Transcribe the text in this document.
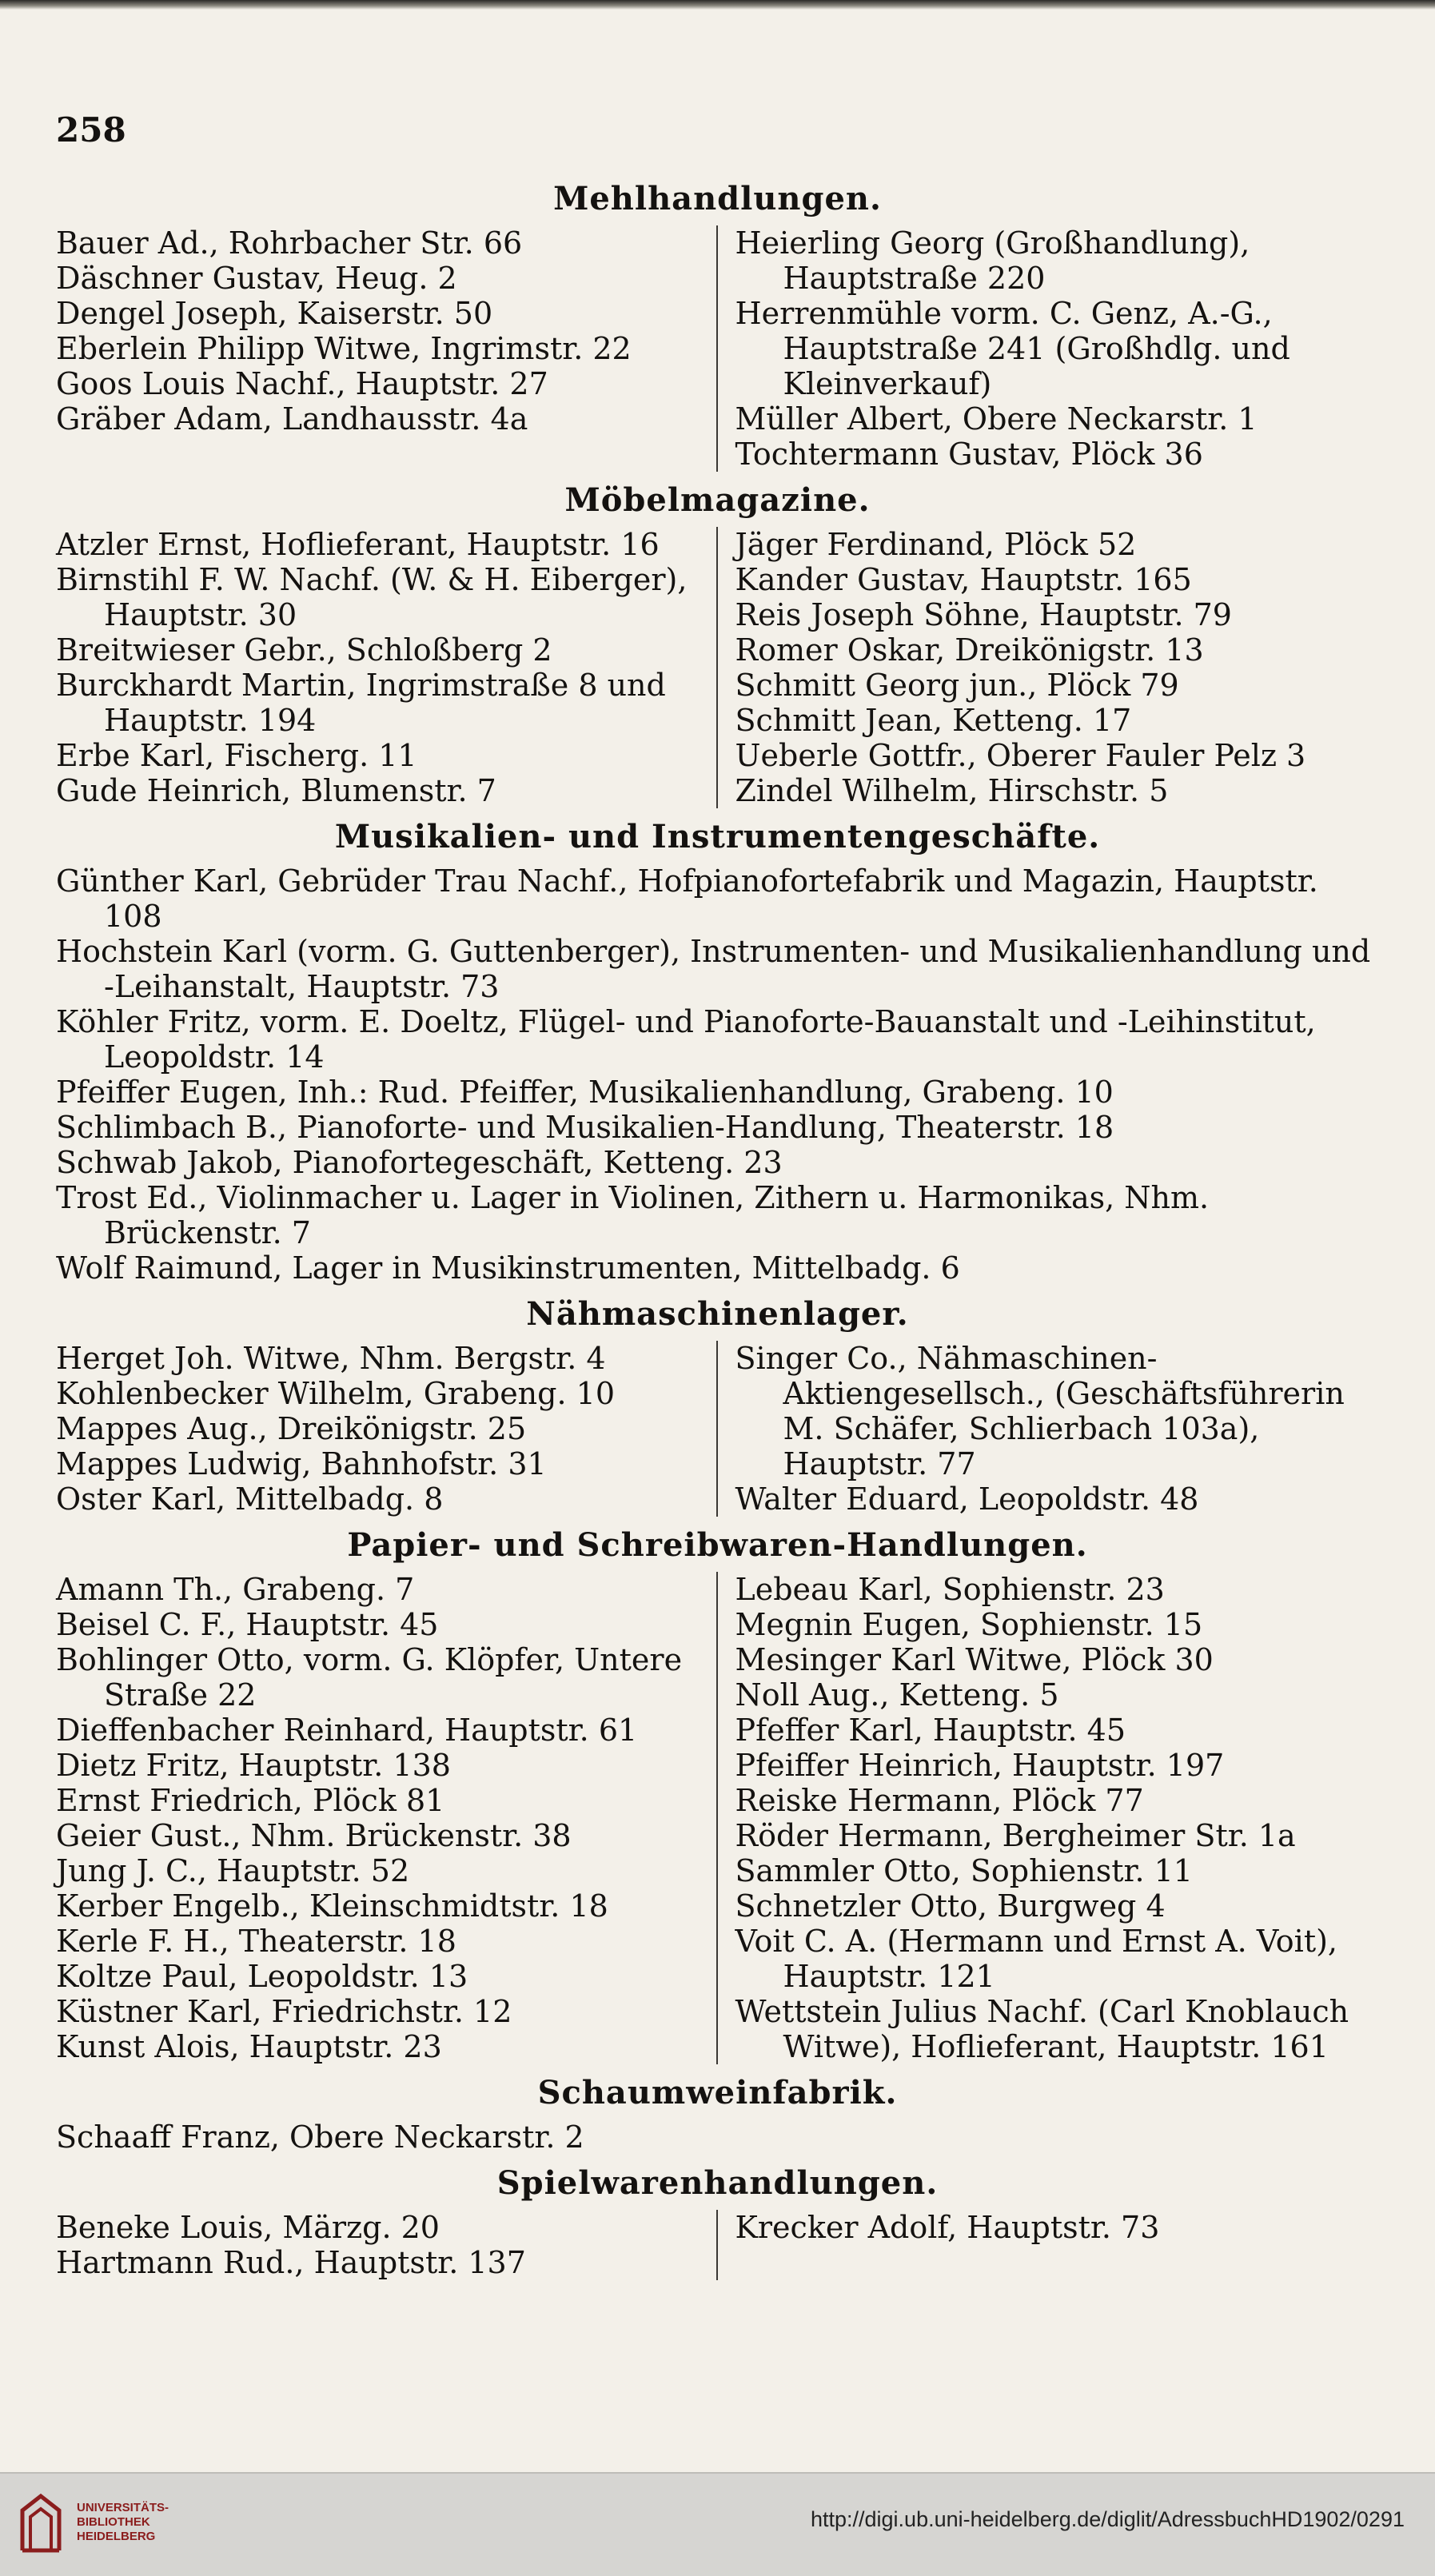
258
Mehlhandlungen.
Bauer Ad., Rohrbacher Str. 66
Däschner Gustav, Heug. 2
Dengel Joseph, Kaiserstr. 50
Eberlein Philipp Witwe, Ingrimstr. 22
Goos Louis Nachf., Hauptstr. 27
Gräber Adam, Landhausstr. 4a
Heierling Georg (Großhandlung), Hauptstraße 220
Herrenmühle vorm. C. Genz, A.-G., Hauptstraße 241 (Großhdlg. und Kleinverkauf)
Müller Albert, Obere Neckarstr. 1
Tochtermann Gustav, Plöck 36
Möbelmagazine.
Atzler Ernst, Hoflieferant, Hauptstr. 16
Birnstihl F. W. Nachf. (W. & H. Eiberger), Hauptstr. 30
Breitwieser Gebr., Schloßberg 2
Burckhardt Martin, Ingrimstraße 8 und Hauptstr. 194
Erbe Karl, Fischerg. 11
Gude Heinrich, Blumenstr. 7
Jäger Ferdinand, Plöck 52
Kander Gustav, Hauptstr. 165
Reis Joseph Söhne, Hauptstr. 79
Romer Oskar, Dreikönigstr. 13
Schmitt Georg jun., Plöck 79
Schmitt Jean, Ketteng. 17
Ueberle Gottfr., Oberer Fauler Pelz 3
Zindel Wilhelm, Hirschstr. 5
Musikalien- und Instrumentengeschäfte.
Günther Karl, Gebrüder Trau Nachf., Hofpianofortefabrik und Magazin, Hauptstr. 108
Hochstein Karl (vorm. G. Guttenberger), Instrumenten- und Musikalienhandlung und -Leihanstalt, Hauptstr. 73
Köhler Fritz, vorm. E. Doeltz, Flügel- und Pianoforte-Bauanstalt und -Leihinstitut, Leopoldstr. 14
Pfeiffer Eugen, Inh.: Rud. Pfeiffer, Musikalienhandlung, Grabeng. 10
Schlimbach B., Pianoforte- und Musikalien-Handlung, Theaterstr. 18
Schwab Jakob, Pianofortegeschäft, Ketteng. 23
Trost Ed., Violinmacher u. Lager in Violinen, Zithern u. Harmonikas, Nhm. Brückenstr. 7
Wolf Raimund, Lager in Musikinstrumenten, Mittelbadg. 6
Nähmaschinenlager.
Herget Joh. Witwe, Nhm. Bergstr. 4
Kohlenbecker Wilhelm, Grabeng. 10
Mappes Aug., Dreikönigstr. 25
Mappes Ludwig, Bahnhofstr. 31
Oster Karl, Mittelbadg. 8
Singer Co., Nähmaschinen-Aktiengesellsch., (Geschäftsführerin M. Schäfer, Schlierbach 103a), Hauptstr. 77
Walter Eduard, Leopoldstr. 48
Papier- und Schreibwaren-Handlungen.
Amann Th., Grabeng. 7
Beisel C. F., Hauptstr. 45
Bohlinger Otto, vorm. G. Klöpfer, Untere Straße 22
Dieffenbacher Reinhard, Hauptstr. 61
Dietz Fritz, Hauptstr. 138
Ernst Friedrich, Plöck 81
Geier Gust., Nhm. Brückenstr. 38
Jung J. C., Hauptstr. 52
Kerber Engelb., Kleinschmidtstr. 18
Kerle F. H., Theaterstr. 18
Koltze Paul, Leopoldstr. 13
Küstner Karl, Friedrichstr. 12
Kunst Alois, Hauptstr. 23
Lebeau Karl, Sophienstr. 23
Megnin Eugen, Sophienstr. 15
Mesinger Karl Witwe, Plöck 30
Noll Aug., Ketteng. 5
Pfeffer Karl, Hauptstr. 45
Pfeiffer Heinrich, Hauptstr. 197
Reiske Hermann, Plöck 77
Röder Hermann, Bergheimer Str. 1a
Sammler Otto, Sophienstr. 11
Schnetzler Otto, Burgweg 4
Voit C. A. (Hermann und Ernst A. Voit), Hauptstr. 121
Wettstein Julius Nachf. (Carl Knoblauch Witwe), Hoflieferant, Hauptstr. 161
Schaumweinfabrik.
Schaaff Franz, Obere Neckarstr. 2
Spielwarenhandlungen.
Beneke Louis, Märzg. 20
Hartmann Rud., Hauptstr. 137
Krecker Adolf, Hauptstr. 73
UNIVERSITÄTS-
BIBLIOTHEK
HEIDELBERG
http://digi.ub.uni-heidelberg.de/diglit/AdressbuchHD1902/0291
